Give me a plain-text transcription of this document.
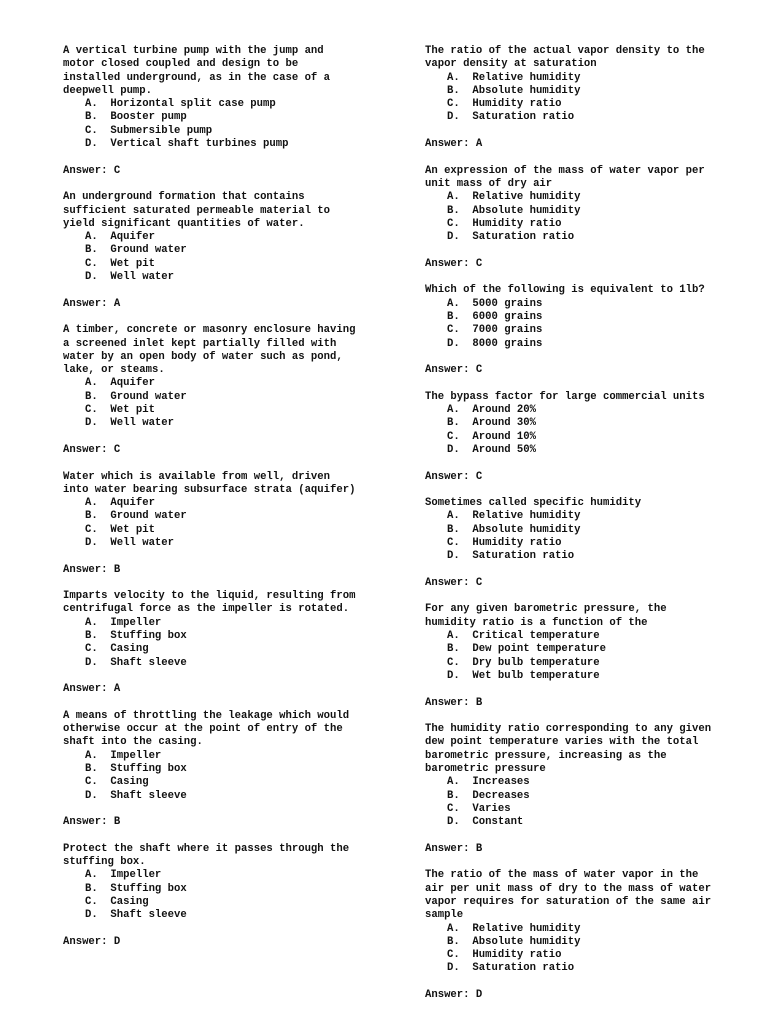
A vertical turbine pump with the jump and
motor closed coupled and design to be
installed underground, as in the case of a
deepwell pump.
A.  Horizontal split case pump
B.  Booster pump
C.  Submersible pump
D.  Vertical shaft turbines pump
Answer: C
An underground formation that contains
sufficient saturated permeable material to
yield significant quantities of water.
A.  Aquifer
B.  Ground water
C.  Wet pit
D.  Well water
Answer: A
A timber, concrete or masonry enclosure having
a screened inlet kept partially filled with
water by an open body of water such as pond,
lake, or steams.
A.  Aquifer
B.  Ground water
C.  Wet pit
D.  Well water
Answer: C
Water which is available from well, driven
into water bearing subsurface strata (aquifer)
A.  Aquifer
B.  Ground water
C.  Wet pit
D.  Well water
Answer: B
Imparts velocity to the liquid, resulting from
centrifugal force as the impeller is rotated.
A.  Impeller
B.  Stuffing box
C.  Casing
D.  Shaft sleeve
Answer: A
A means of throttling the leakage which would
otherwise occur at the point of entry of the
shaft into the casing.
A.  Impeller
B.  Stuffing box
C.  Casing
D.  Shaft sleeve
Answer: B
Protect the shaft where it passes through the
stuffing box.
A.  Impeller
B.  Stuffing box
C.  Casing
D.  Shaft sleeve
Answer: D
The ratio of the actual vapor density to the
vapor density at saturation
A.  Relative humidity
B.  Absolute humidity
C.  Humidity ratio
D.  Saturation ratio
Answer: A
An expression of the mass of water vapor per
unit mass of dry air
A.  Relative humidity
B.  Absolute humidity
C.  Humidity ratio
D.  Saturation ratio
Answer: C
Which of the following is equivalent to 1lb?
A.  5000 grains
B.  6000 grains
C.  7000 grains
D.  8000 grains
Answer: C
The bypass factor for large commercial units
A.  Around 20%
B.  Around 30%
C.  Around 10%
D.  Around 50%
Answer: C
Sometimes called specific humidity
A.  Relative humidity
B.  Absolute humidity
C.  Humidity ratio
D.  Saturation ratio
Answer: C
For any given barometric pressure, the
humidity ratio is a function of the
A.  Critical temperature
B.  Dew point temperature
C.  Dry bulb temperature
D.  Wet bulb temperature
Answer: B
The humidity ratio corresponding to any given
dew point temperature varies with the total
barometric pressure, increasing as the
barometric pressure
A.  Increases
B.  Decreases
C.  Varies
D.  Constant
Answer: B
The ratio of the mass of water vapor in the
air per unit mass of dry to the mass of water
vapor requires for saturation of the same air
sample
A.  Relative humidity
B.  Absolute humidity
C.  Humidity ratio
D.  Saturation ratio
Answer: D
